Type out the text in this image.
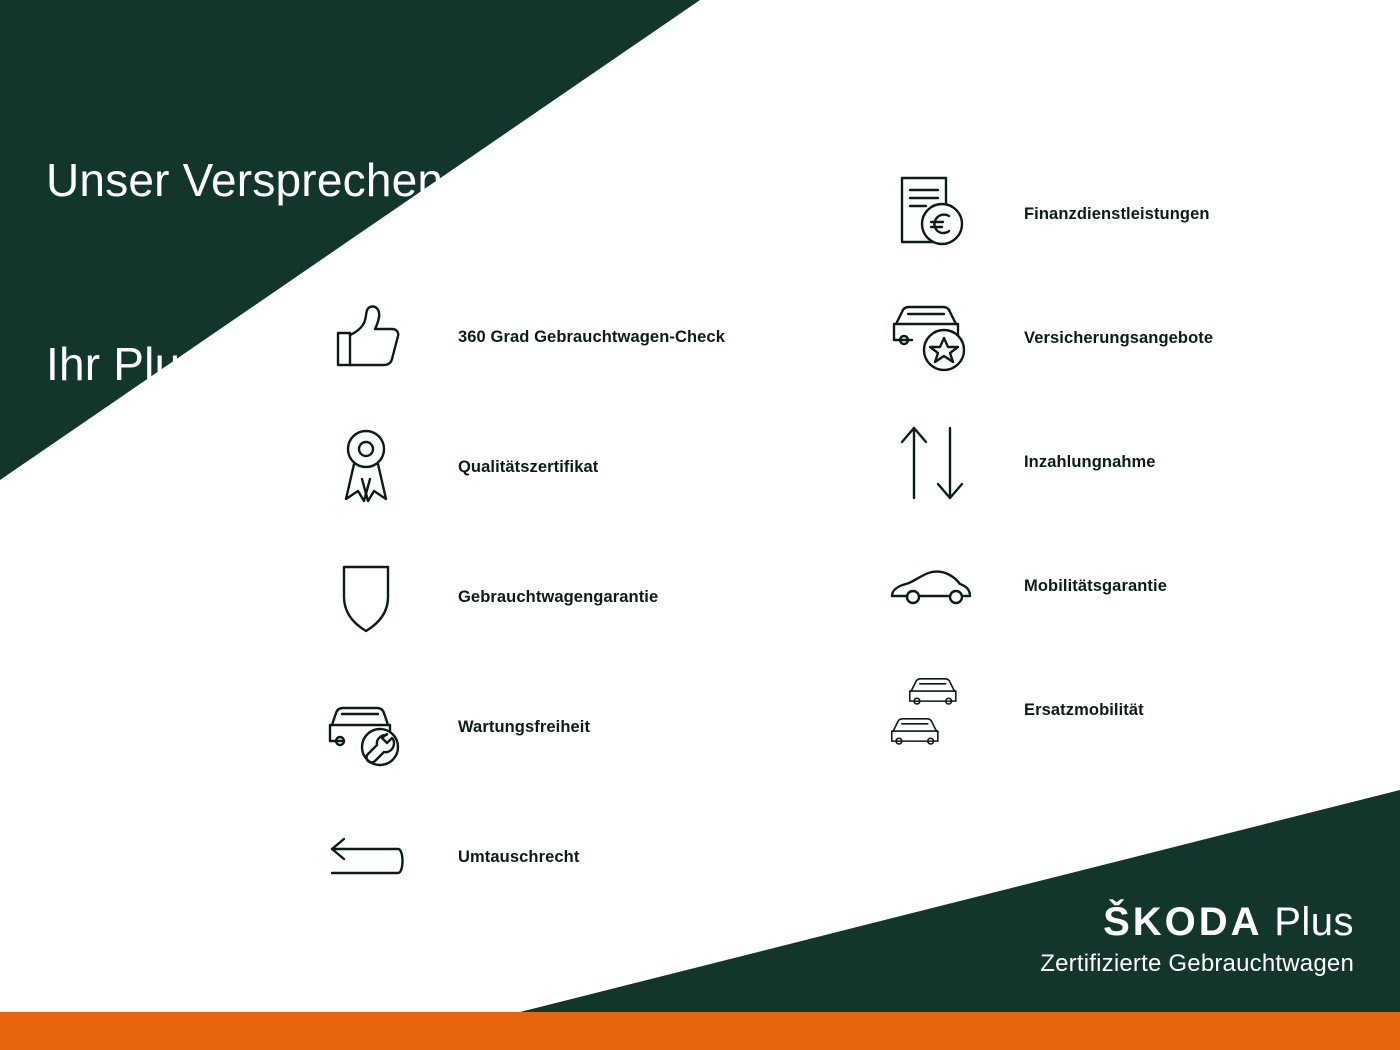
Unser Versprechen.

Ihr Plus.

360 Grad Gebrauchtwagen-Check
Qualitätszertifikat
Gebrauchtwagengarantie
Wartungsfreiheit
Umtauschrecht
Finanzdienstleistungen
Versicherungsangebote
Inzahlungnahme
Mobilitätsgarantie
Ersatzmobilität
ŠKODA Plus
Zertifizierte Gebrauchtwagen
